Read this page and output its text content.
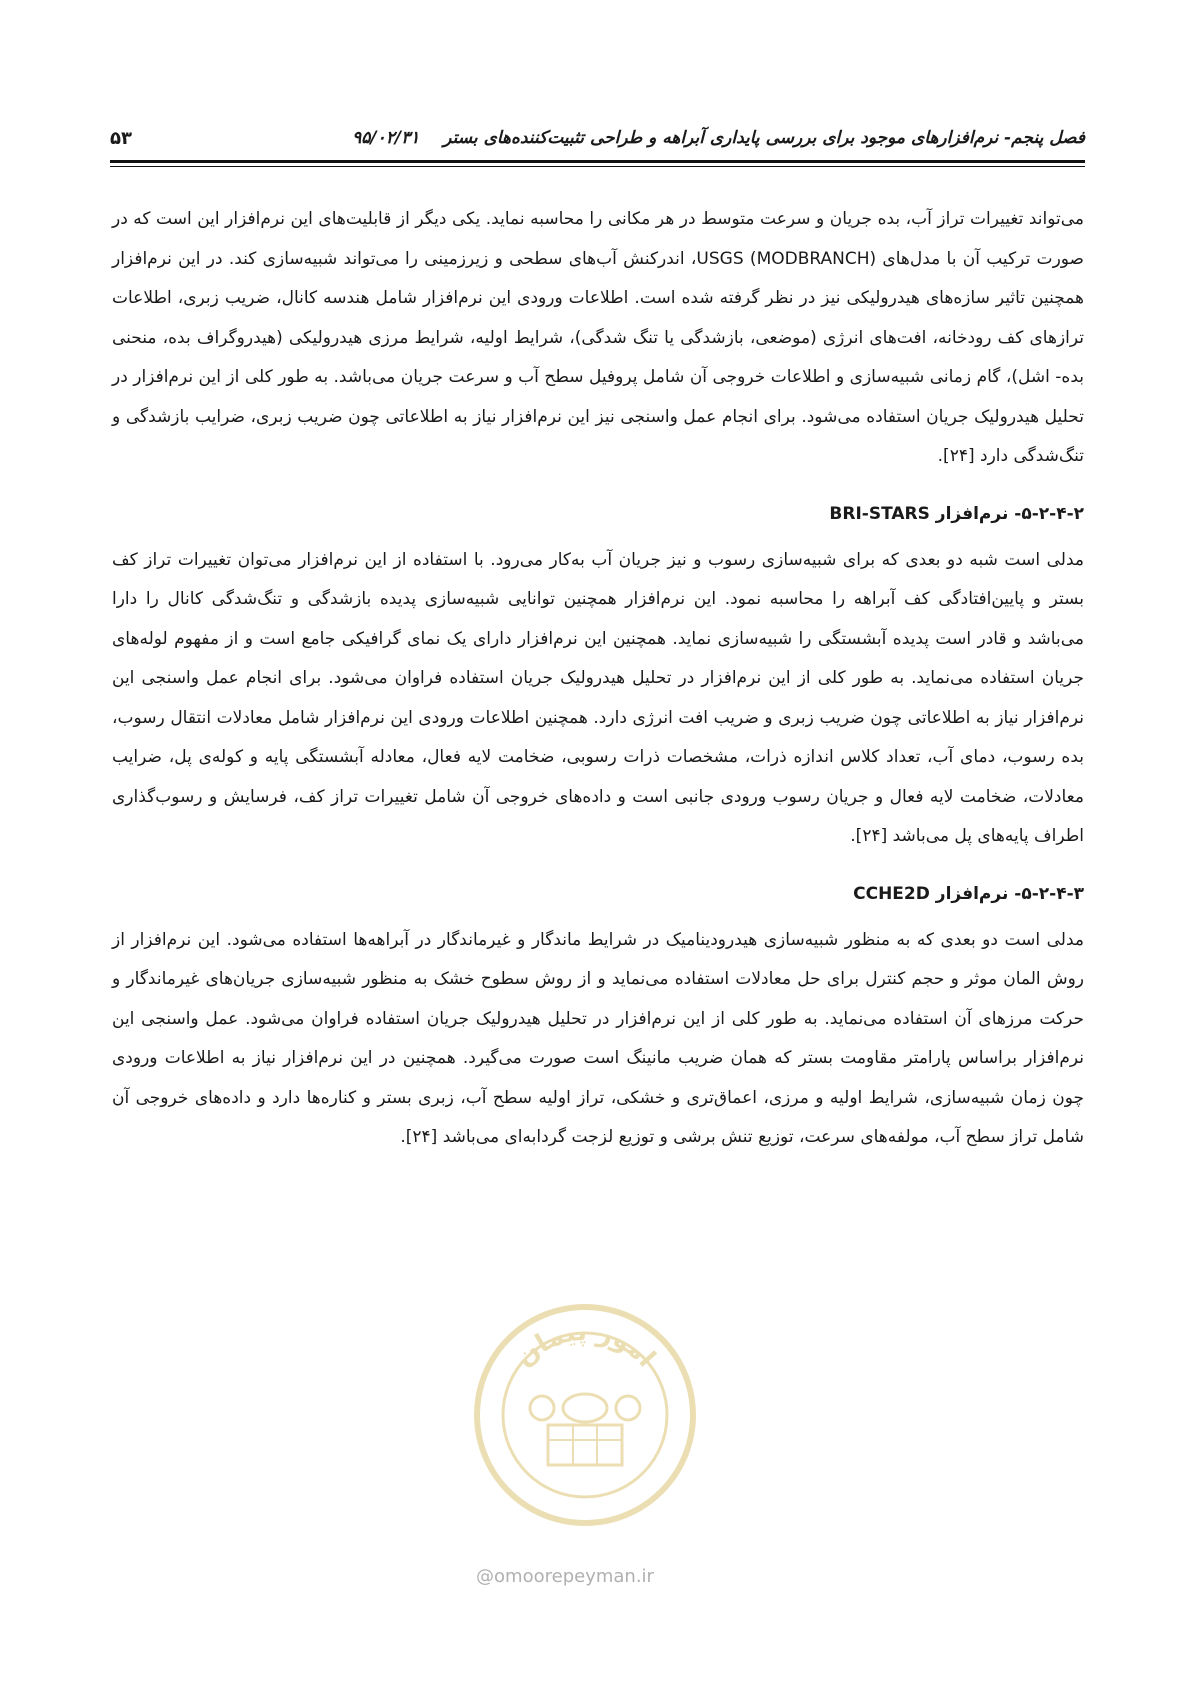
فصل پنجم- نرم‌افزارهای موجود برای بررسی پایداری آبراهه و طراحی تثبیت‌کننده‌های بستر ۹۵/۰۲/۳۱
۵۳

می‌تواند تغییرات تراز آب، بده جریان و سرعت متوسط در هر مکانی را محاسبه نماید. یکی دیگر از قابلیت‌های این نرم‌افزار این است که در صورت ترکیب آن با مدل‌های (MODBRANCH) USGS، اندرکنش آب‌های سطحی و زیرزمینی را می‌تواند شبیه‌سازی کند. در این نرم‌افزار همچنین تاثیر سازه‌های هیدرولیکی نیز در نظر گرفته شده است. اطلاعات ورودی این نرم‌افزار شامل هندسه کانال، ضریب زبری، اطلاعات ترازهای کف رودخانه، افت‌های انرژی (موضعی، بازشدگی یا تنگ شدگی)، شرایط اولیه، شرایط مرزی هیدرولیکی (هیدروگراف بده، منحنی بده- اشل)، گام زمانی شبیه‌سازی و اطلاعات خروجی آن شامل پروفیل سطح آب و سرعت جریان می‌باشد. به طور کلی از این نرم‌افزار در تحلیل هیدرولیک جریان استفاده می‌شود. برای انجام عمل واسنجی نیز این نرم‌افزار نیاز به اطلاعاتی چون ضریب زبری، ضرایب بازشدگی و تنگ‌شدگی دارد [۲۴].

۵-۲-۴-۲- نرم‌افزار BRI-STARS

مدلی است شبه دو بعدی که برای شبیه‌سازی رسوب و نیز جریان آب به‌کار می‌رود. با استفاده از این نرم‌افزار می‌توان تغییرات تراز کف بستر و پایین‌افتادگی کف آبراهه را محاسبه نمود. این نرم‌افزار همچنین توانایی شبیه‌سازی پدیده بازشدگی و تنگ‌شدگی کانال را دارا می‌باشد و قادر است پدیده آبشستگی را شبیه‌سازی نماید. همچنین این نرم‌افزار دارای یک نمای گرافیکی جامع است و از مفهوم لوله‌های جریان استفاده می‌نماید. به طور کلی از این نرم‌افزار در تحلیل هیدرولیک جریان استفاده فراوان می‌شود. برای انجام عمل واسنجی این نرم‌افزار نیاز به اطلاعاتی چون ضریب زبری و ضریب افت انرژی دارد. همچنین اطلاعات ورودی این نرم‌افزار شامل معادلات انتقال رسوب، بده رسوب، دمای آب، تعداد کلاس اندازه ذرات، مشخصات ذرات رسوبی، ضخامت لایه فعال، معادله آبشستگی پایه و کوله‌ی پل، ضرایب معادلات، ضخامت لایه فعال و جریان رسوب ورودی جانبی است و داده‌های خروجی آن شامل تغییرات تراز کف، فرسایش و رسوب‌گذاری اطراف پایه‌های پل می‌باشد [۲۴].

۵-۲-۴-۳- نرم‌افزار CCHE2D

مدلی است دو بعدی که به منظور شبیه‌سازی هیدرودینامیک در شرایط ماندگار و غیرماندگار در آبراهه‌ها استفاده می‌شود. این نرم‌افزار از روش المان موثر و حجم کنترل برای حل معادلات استفاده می‌نماید و از روش سطوح خشک به منظور شبیه‌سازی جریان‌های غیرماندگار و حرکت مرزهای آن استفاده می‌نماید. به طور کلی از این نرم‌افزار در تحلیل هیدرولیک جریان استفاده فراوان می‌شود. عمل واسنجی این نرم‌افزار براساس پارامتر مقاومت بستر که همان ضریب مانینگ است صورت می‌گیرد. همچنین در این نرم‌افزار نیاز به اطلاعات ورودی چون زمان شبیه‌سازی، شرایط اولیه و مرزی، اعماق‌تری و خشکی، تراز اولیه سطح آب، زبری بستر و کناره‌ها دارد و داده‌های خروجی آن شامل تراز سطح آب، مولفه‌های سرعت، توزیع تنش برشی و توزیع لزجت گردابه‌ای می‌باشد [۲۴].

امور پیمان
@omoorepeyman.ir
